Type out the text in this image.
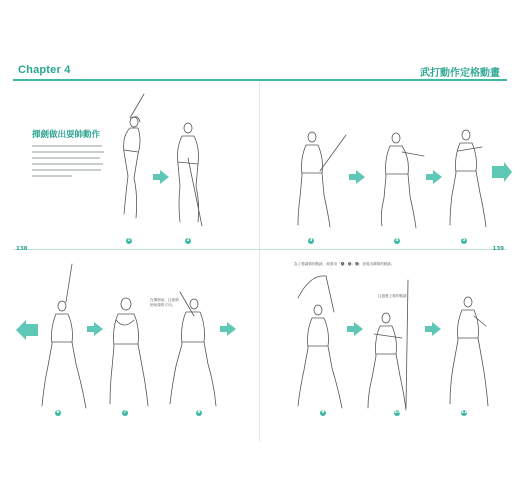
Chapter 4	武打動作定格動畫
138	139
揮劍做出耍帥動作
1	2	3	4	5
6	7	8	9	10	11
為了強調劍的軌跡，就要用「🅐」🅑」🅒」表現出揮劍的軌跡。
在揮劍前，注意劍柄前頭的方向。
注意畫上劍的軌跡
